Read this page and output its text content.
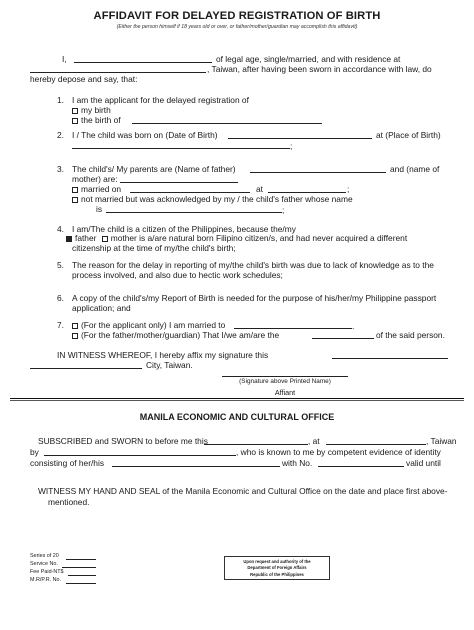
AFFIDAVIT FOR DELAYED REGISTRATION OF BIRTH
(Either the person himself if 18 years old or over, or father/mother/guardian may accomplish this affidavit)
I,	of legal age, single/married, and with residence at
, Taiwan, after having been sworn in accordance with law, do
hereby depose and say, that:
1. I am the applicant for the delayed registration of
my birth
the birth of
2. I / The child was born on (Date of Birth)	at (Place of Birth)
;
3. The child's/ My parents are (Name of father)	and (name of
mother) are:
married on	at	;
not married but was acknowledged by my / the child's father whose name
is	;
4. I am/The child is a citizen of the Philippines, because the/my
father mother is a/are natural born Filipino citizen/s, and had never acquired a different
citizenship at the time of my/the child's birth;
5. The reason for the delay in reporting of my/the child's birth was due to lack of knowledge as to the
process involved, and also due to hectic work schedules;
6. A copy of the child's/my Report of Birth is needed for the purpose of his/her/my Philippine passport
application; and
7.	(For the applicant only) I am married to	.
(For the father/mother/guardian) That I/we am/are the	of the said person.
IN WITNESS WHEREOF, I hereby affix my signature this
City, Taiwan.
(Signature above Printed Name)
Affiant
MANILA ECONOMIC AND CULTURAL OFFICE
SUBSCRIBED and SWORN to before me this	, at	, Taiwan
by	, who is known to me by competent evidence of identity
consisting of her/his	with No.	valid until
WITNESS MY HAND AND SEAL of the Manila Economic and Cultural Office on the date and place first above-
mentioned.
Series of 20
Service No.
Fee Paid-NT$
M.R/P.R. No.
Upon request and authority of the
Department of Foreign Affairs
Republic of the Philippines
